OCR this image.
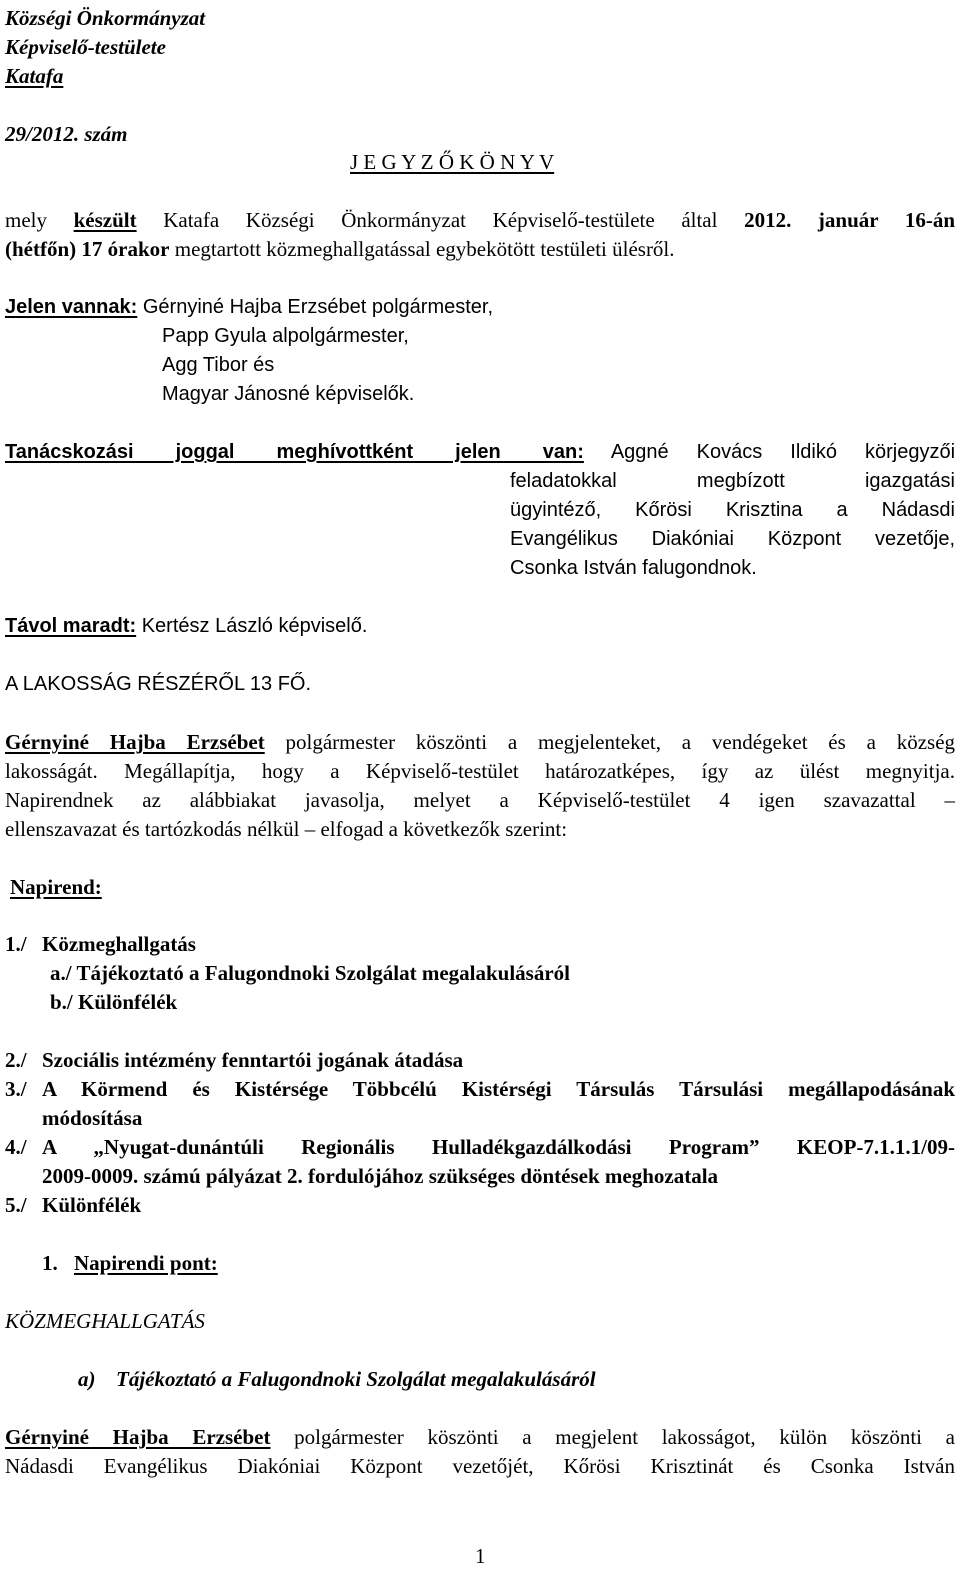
Községi Önkormányzat
Képviselő-testülete
Katafa
29/2012. szám
J E G Y Z Ő K Ö N Y V
mely készült Katafa Községi Önkormányzat Képviselő-testülete által 2012. január 16-án
(hétfőn) 17 órakor megtartott közmeghallgatással egybekötött testületi ülésről.
Jelen vannak: Gérnyiné Hajba Erzsébet polgármester,
Papp Gyula alpolgármester,
Agg Tibor és
Magyar Jánosné képviselők.
Tanácskozási joggal meghívottként jelen van: Aggné Kovács Ildikó körjegyzői
feladatokkal megbízott igazgatási
ügyintéző, Kőrösi Krisztina a Nádasdi
Evangélikus Diakóniai Központ vezetője,
Csonka István falugondnok.
Távol maradt: Kertész László képviselő.
A LAKOSSÁG RÉSZÉRŐL 13 FŐ.
Gérnyiné Hajba Erzsébet polgármester köszönti a megjelenteket, a vendégeket és a község
lakosságát. Megállapítja, hogy a Képviselő-testület határozatképes, így az ülést megnyitja.
Napirendnek az alábbiakat javasolja, melyet a Képviselő-testület 4 igen szavazattal –
ellenszavazat és tartózkodás nélkül – elfogad a következők szerint:
Napirend:
1./ Közmeghallgatás
a./ Tájékoztató a Falugondnoki Szolgálat megalakulásáról
b./ Különfélék
2./ Szociális intézmény fenntartói jogának átadása
3./ A Körmend és Kistérsége Többcélú Kistérségi Társulás Társulási megállapodásának
módosítása
4./ A „Nyugat-dunántúli Regionális Hulladékgazdálkodási Program” KEOP-7.1.1.1/09-
2009-0009. számú pályázat 2. fordulójához szükséges döntések meghozatala
5./ Különfélék
1. Napirendi pont:
KÖZMEGHALLGATÁS
a) Tájékoztató a Falugondnoki Szolgálat megalakulásáról
Gérnyiné Hajba Erzsébet polgármester köszönti a megjelent lakosságot, külön köszönti a
Nádasdi Evangélikus Diakóniai Központ vezetőjét, Kőrösi Krisztinát és Csonka István
1
